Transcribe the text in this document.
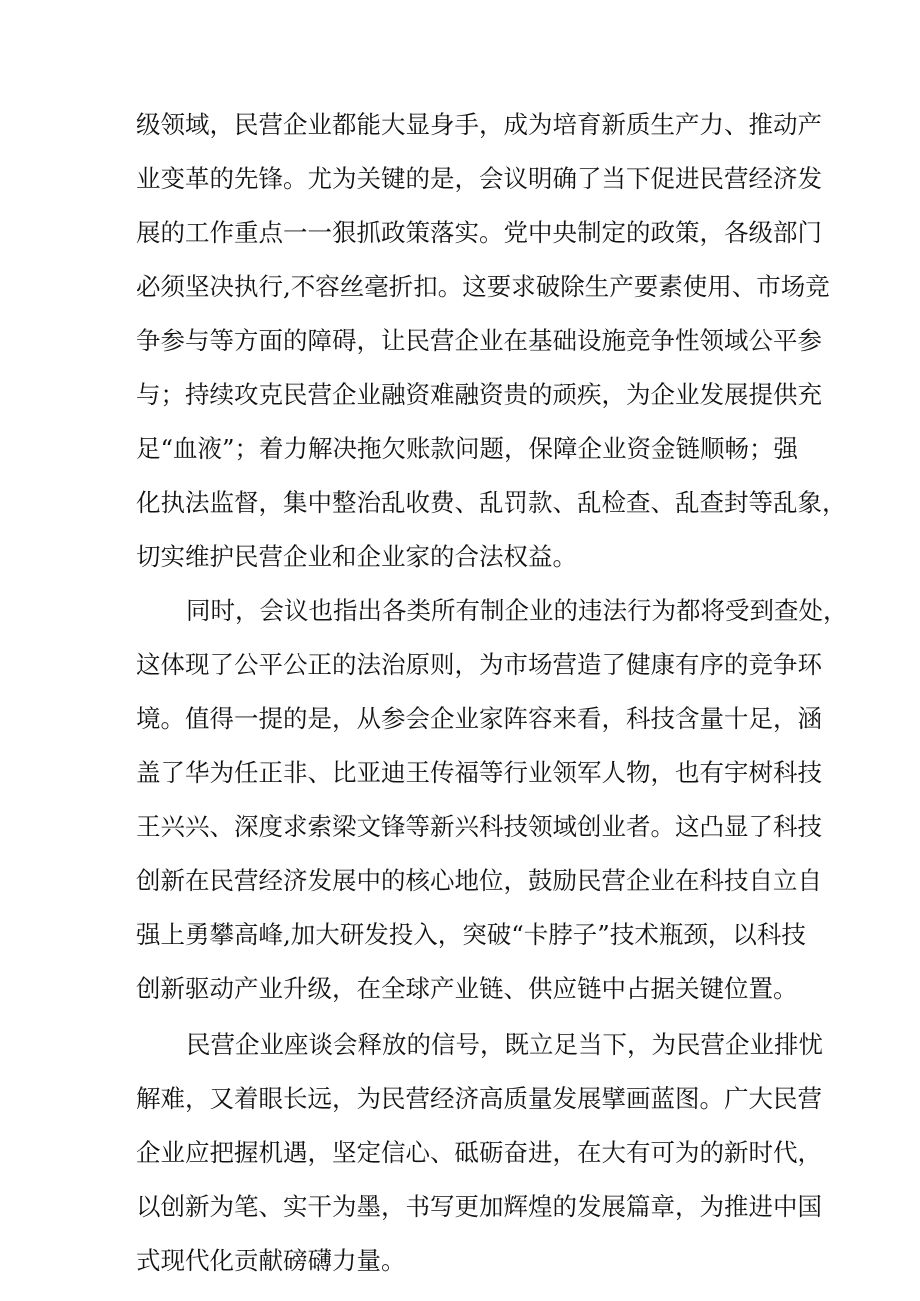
级领域，民营企业都能大显身手，成为培育新质生产力、推动产
业变革的先锋。尤为关键的是，会议明确了当下促进民营经济发
展的工作重点一一狠抓政策落实。党中央制定的政策，各级部门
必须坚决执行,不容丝毫折扣。这要求破除生产要素使用、市场竞
争参与等方面的障碍，让民营企业在基础设施竞争性领域公平参
与；持续攻克民营企业融资难融资贵的顽疾，为企业发展提供充
足“血液”；着力解决拖欠账款问题，保障企业资金链顺畅；强
化执法监督，集中整治乱收费、乱罚款、乱检查、乱查封等乱象，
切实维护民营企业和企业家的合法权益。
同时，会议也指出各类所有制企业的违法行为都将受到查处，
这体现了公平公正的法治原则，为市场营造了健康有序的竞争环
境。值得一提的是，从参会企业家阵容来看，科技含量十足，涵
盖了华为任正非、比亚迪王传福等行业领军人物，也有宇树科技
王兴兴、深度求索梁文锋等新兴科技领域创业者。这凸显了科技
创新在民营经济发展中的核心地位，鼓励民营企业在科技自立自
强上勇攀高峰,加大研发投入，突破“卡脖子”技术瓶颈，以科技
创新驱动产业升级，在全球产业链、供应链中占据关键位置。
民营企业座谈会释放的信号，既立足当下，为民营企业排忧
解难，又着眼长远，为民营经济高质量发展擘画蓝图。广大民营
企业应把握机遇，坚定信心、砥砺奋进，在大有可为的新时代，
以创新为笔、实干为墨，书写更加辉煌的发展篇章，为推进中国
式现代化贡献磅礴力量。
